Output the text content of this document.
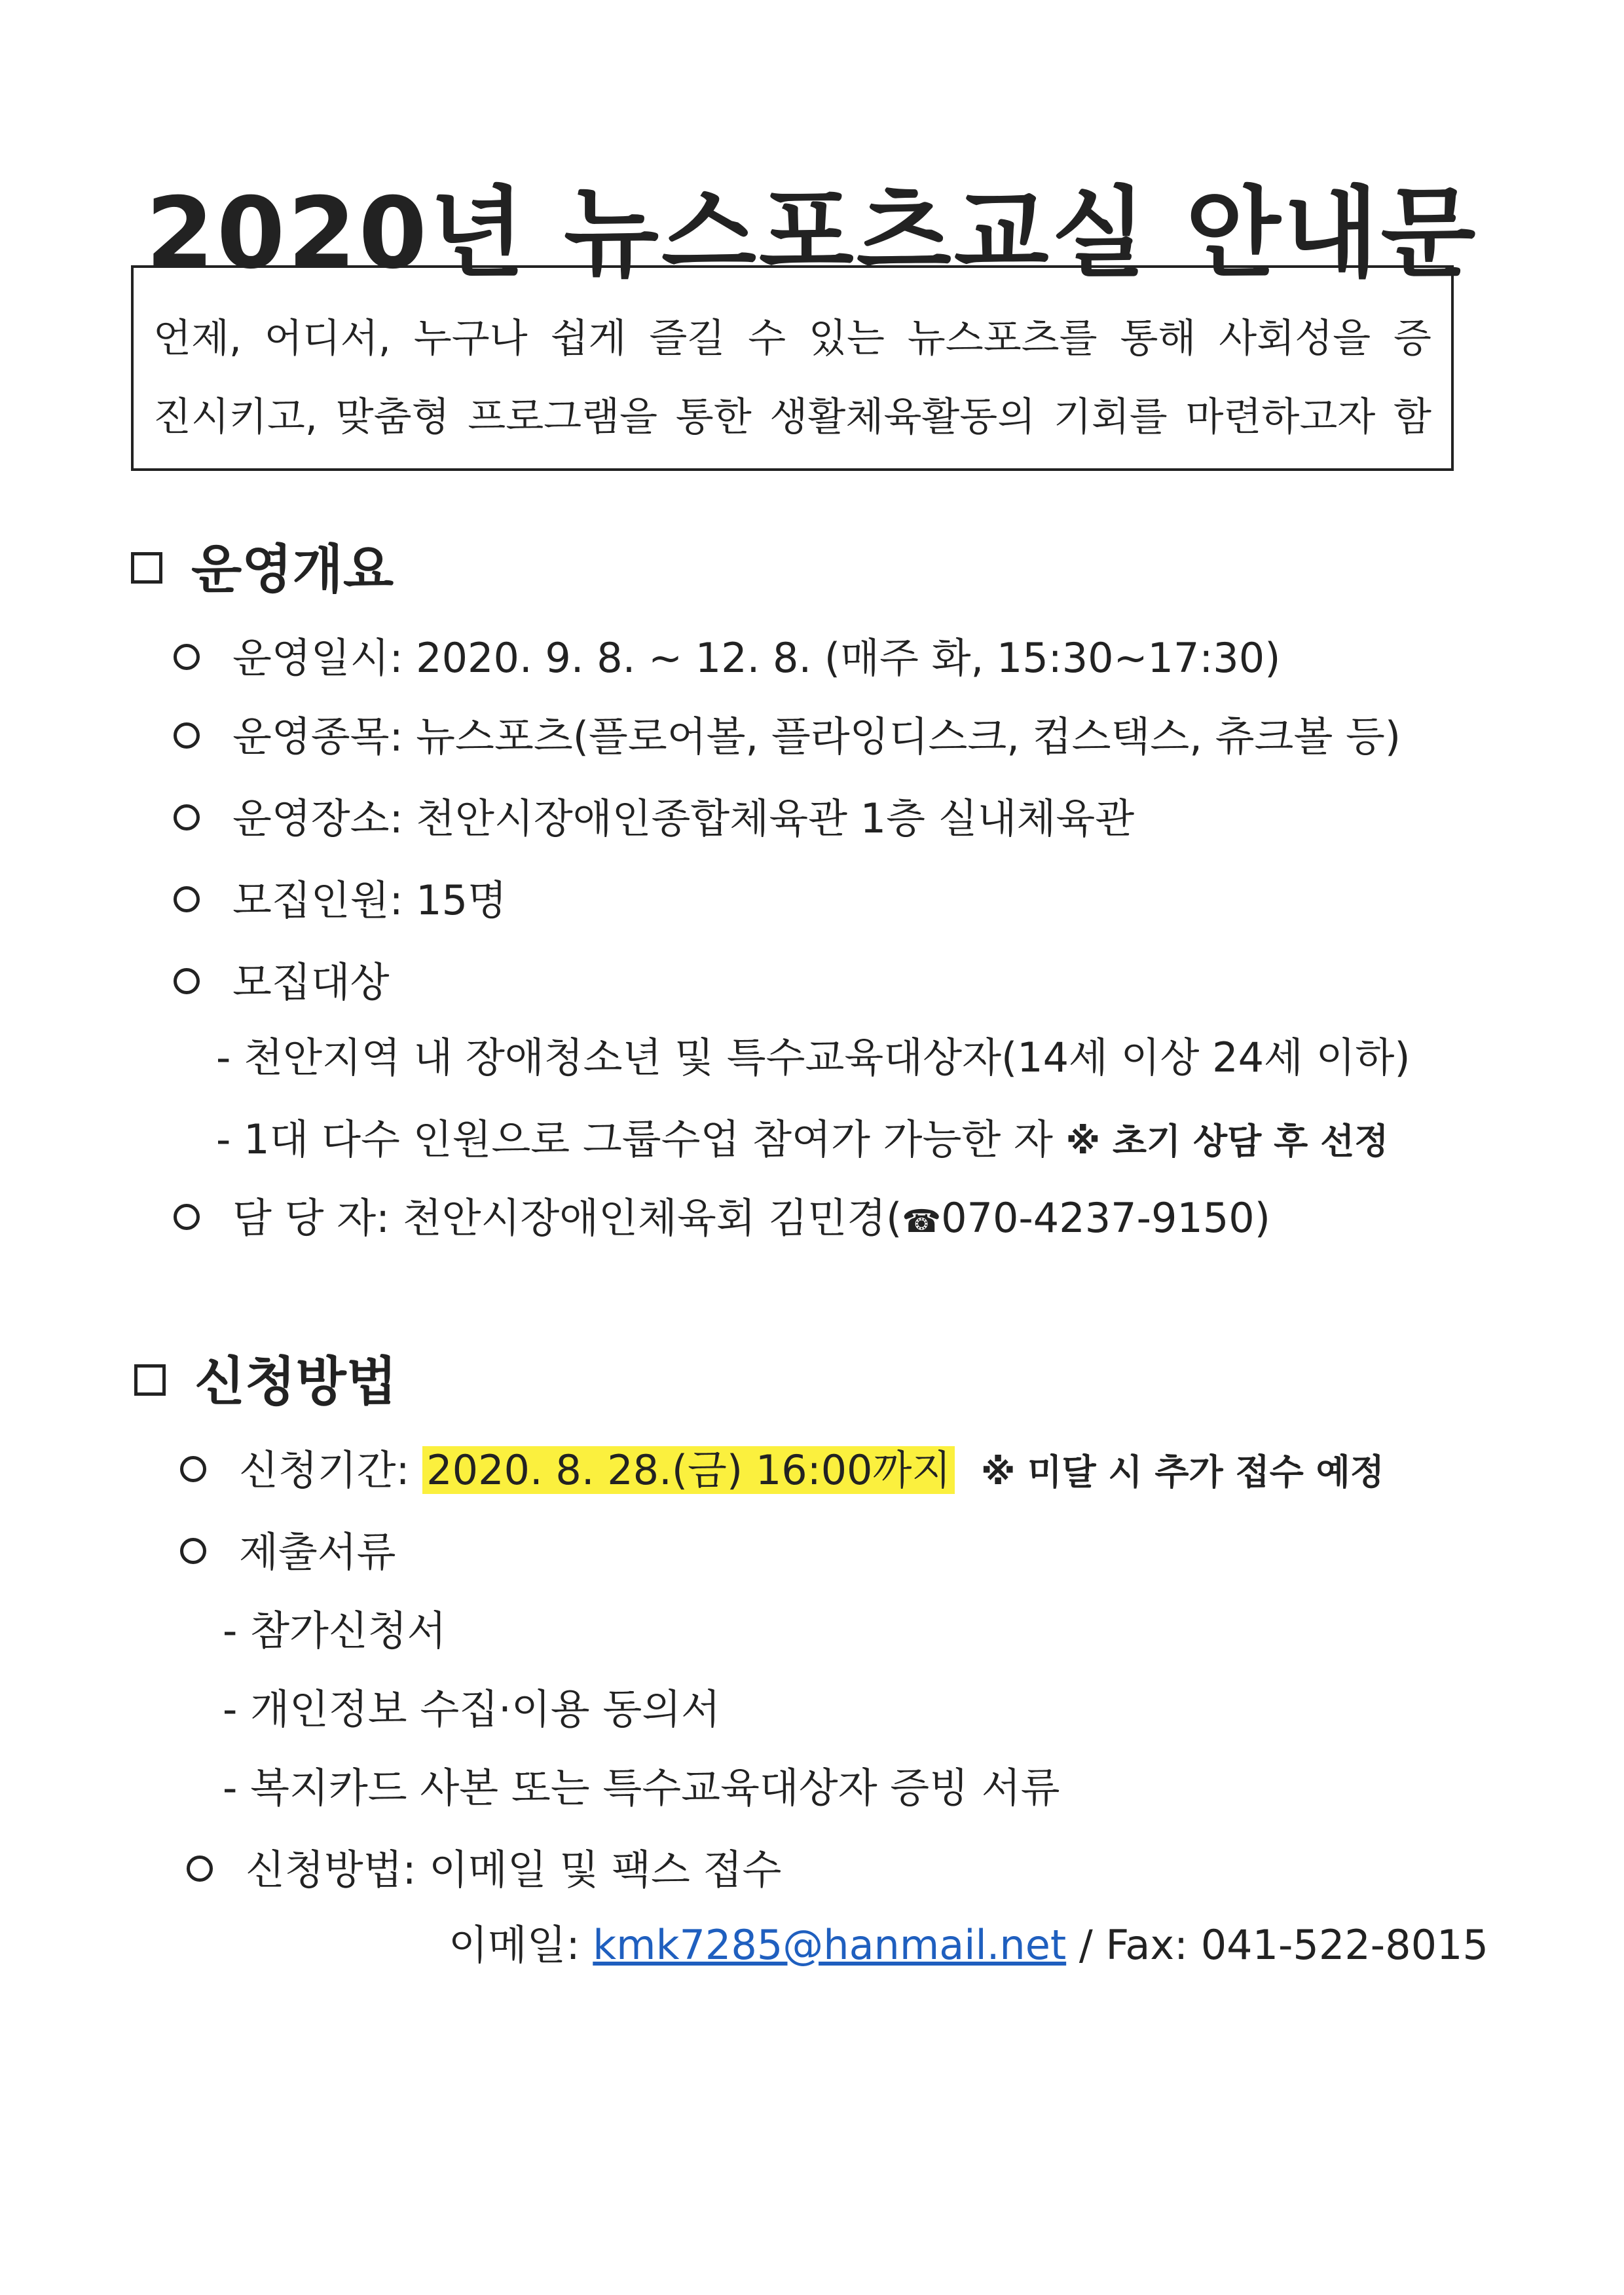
2020년 뉴스포츠교실 안내문
언제, 어디서, 누구나 쉽게 즐길 수 있는 뉴스포츠를 통해 사회성을 증
진시키고, 맞춤형 프로그램을 통한 생활체육활동의 기회를 마련하고자 함
운영개요
운영일시: 2020. 9. 8. ~ 12. 8. (매주 화, 15:30~17:30)
운영종목: 뉴스포츠(플로어볼, 플라잉디스크, 컵스택스, 츄크볼 등)
운영장소: 천안시장애인종합체육관 1층 실내체육관
모집인원: 15명
모집대상
- 천안지역 내 장애청소년 및 특수교육대상자(14세 이상 24세 이하)
- 1대 다수 인원으로 그룹수업 참여가 가능한 자 ※ 초기 상담 후 선정
담 당 자: 천안시장애인체육회 김민경(☎070-4237-9150)
신청방법
신청기간: 2020. 8. 28.(금) 16:00까지 ※ 미달 시 추가 접수 예정
제출서류
- 참가신청서
- 개인정보 수집·이용 동의서
- 복지카드 사본 또는 특수교육대상자 증빙 서류
신청방법: 이메일 및 팩스 접수
이메일: kmk7285@hanmail.net / Fax: 041-522-8015
